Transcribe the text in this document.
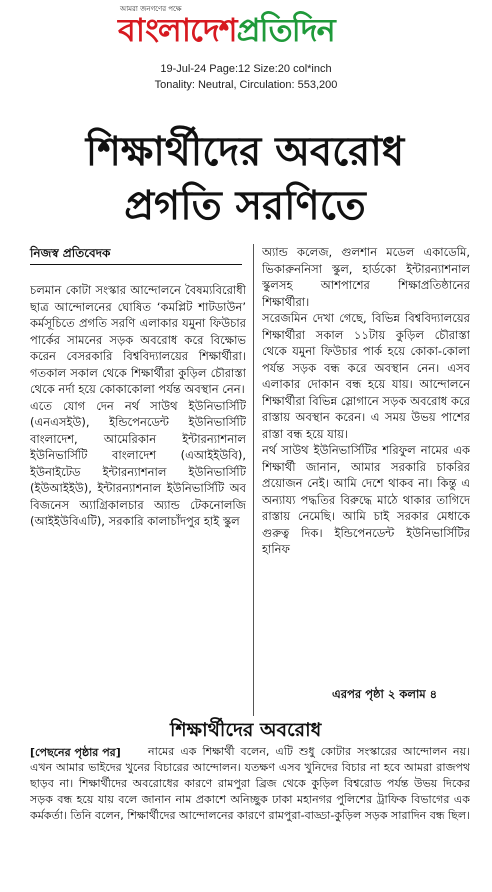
আমরা জনগণের পক্ষে
বাংলাদেশপ্রতিদিন
19-Jul-24 Page:12 Size:20 col*inch
Tonality: Neutral, Circulation: 553,200
শিক্ষার্থীদের অবরোধ
প্রগতি সরণিতে
নিজস্ব প্রতিবেদক

চলমান কোটা সংস্কার আন্দোলনে বৈষম্যবিরোধী ছাত্র আন্দোলনের ঘোষিত ‘কমপ্লিট শাটডাউন’ কর্মসূচিতে প্রগতি সরণি এলাকার যমুনা ফিউচার পার্কের সামনের সড়ক অবরোধ করে বিক্ষোভ করেন বেসরকারি বিশ্ববিদ্যালয়ের শিক্ষার্থীরা। গতকাল সকাল থেকে শিক্ষার্থীরা কুড়িল চৌরাস্তা থেকে নর্দা হয়ে কোকাকোলা পর্যন্ত অবস্থান নেন।

এতে যোগ দেন নর্থ সাউথ ইউনিভার্সিটি (এনএসইউ), ইন্ডিপেনডেন্ট ইউনিভার্সিটি বাংলাদেশ, আমেরিকান ইন্টারন্যাশনাল ইউনিভার্সিটি বাংলাদেশ (এআইইউবি), ইউনাইটেড ইন্টারন্যাশনাল ইউনিভার্সিটি (ইউআইইউ), ইন্টারন্যাশনাল ইউনিভার্সিটি অব বিজনেস অ্যাগ্রিকালচার অ্যান্ড টেকনোলজি (আইইউবিএটি), সরকারি কালাচাঁদপুর হাই স্কুল

অ্যান্ড কলেজ, গুলশান মডেল একাডেমি, ভিকারুননিসা স্কুল, হার্ডকো ইন্টারন্যাশনাল স্কুলসহ আশপাশের শিক্ষাপ্রতিষ্ঠানের শিক্ষার্থীরা।

সরেজমিন দেখা গেছে, বিভিন্ন বিশ্ববিদ্যালয়ের শিক্ষার্থীরা সকাল ১১টায় কুড়িল চৌরাস্তা থেকে যমুনা ফিউচার পার্ক হয়ে কোকা-কোলা পর্যন্ত সড়ক বন্ধ করে অবস্থান নেন। এসব এলাকার দোকান বন্ধ হয়ে যায়। আন্দোলনে শিক্ষার্থীরা বিভিন্ন স্লোগানে সড়ক অবরোধ করে রাস্তায় অবস্থান করেন। এ সময় উভয় পাশের রাস্তা বন্ধ হয়ে যায়।

নর্থ সাউথ ইউনিভার্সিটির শরিফুল নামের এক শিক্ষার্থী জানান, আমার সরকারি চাকরির প্রয়োজন নেই। আমি দেশে থাকব না। কিন্তু এ অন্যায্য পদ্ধতির বিরুদ্ধে মাঠে থাকার তাগিদে রাস্তায় নেমেছি। আমি চাই সরকার মেধাকে গুরুত্ব দিক। ইন্ডিপেনডেন্ট ইউনিভার্সিটির হানিফ

এরপর পৃষ্ঠা ২ কলাম ৪
শিক্ষার্থীদের অবরোধ
[পেছনের পৃষ্ঠার পর]	নামের এক শিক্ষার্থী বলেন, এটি শুধু কোটার সংস্কারের আন্দোলন নয়। এখন আমার ভাইদের খুনের বিচারের আন্দোলন। যতক্ষণ এসব খুনিদের বিচার না হবে আমরা রাজপথ ছাড়ব না। শিক্ষার্থীদের অবরোধের কারণে রামপুরা ব্রিজ থেকে কুড়িল বিশ্বরোড পর্যন্ত উভয় দিকের সড়ক বন্ধ হয়ে যায় বলে জানান নাম প্রকাশে অনিচ্ছুক ঢাকা মহানগর পুলিশের ট্রাফিক বিভাগের এক কর্মকর্তা। তিনি বলেন, শিক্ষার্থীদের আন্দোলনের কারণে রামপুরা-বাড্ডা-কুড়িল সড়ক সারাদিন বন্ধ ছিল।
